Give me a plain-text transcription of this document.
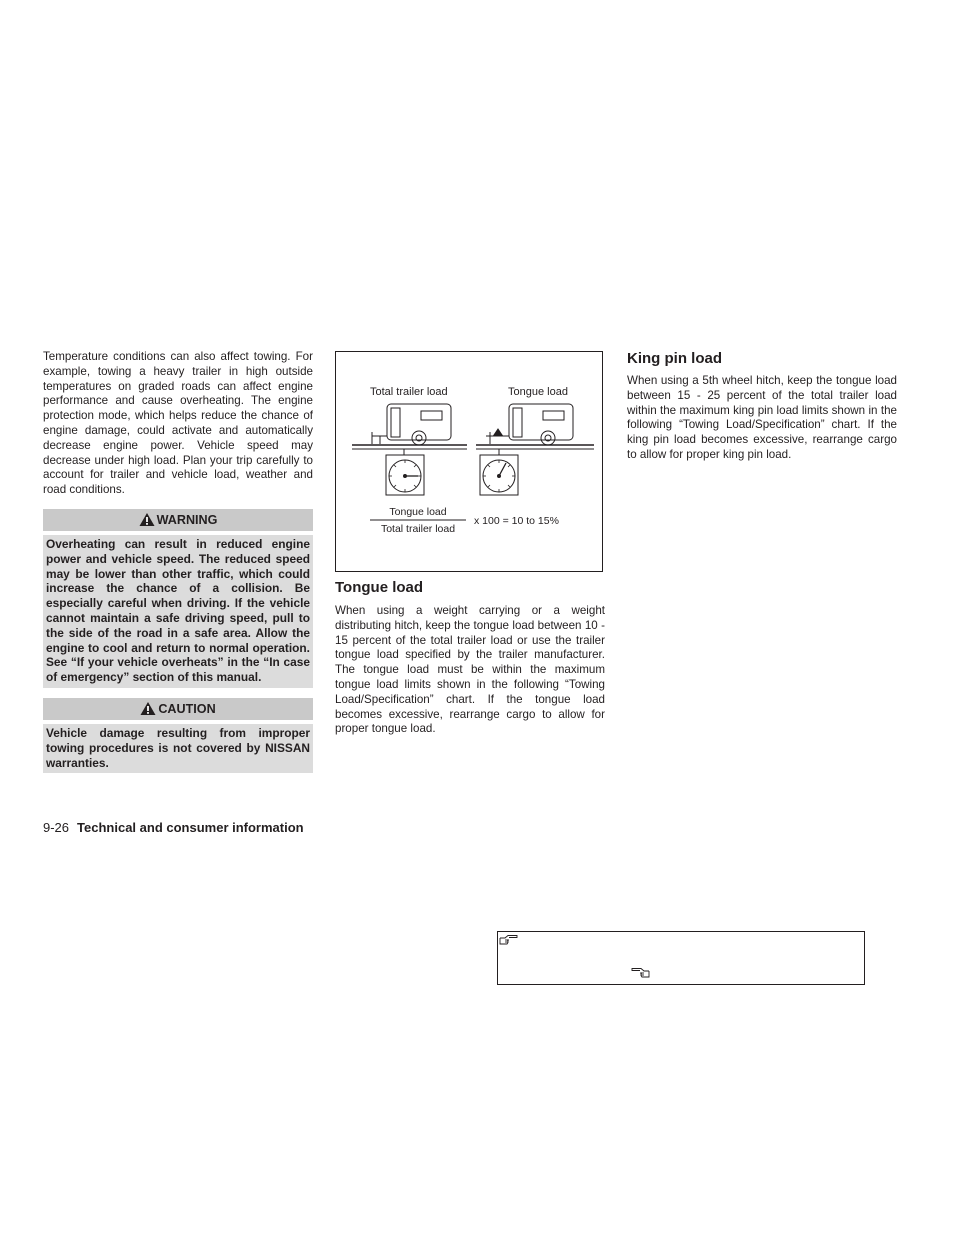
Temperature conditions can also affect towing. For example, towing a heavy trailer in high outside temperatures on graded roads can affect engine performance and cause overheating. The engine protection mode, which helps reduce the chance of engine damage, could activate and automatically decrease engine power. Vehicle speed may decrease under high load. Plan your trip carefully to account for trailer and vehicle load, weather and road conditions.

WARNING
Overheating can result in reduced engine power and vehicle speed. The reduced speed may be lower than other traffic, which could increase the chance of a collision. Be especially careful when driving. If the vehicle cannot maintain a safe driving speed, pull to the side of the road in a safe area. Allow the engine to cool and return to normal operation. See “If your vehicle overheats” in the “In case of emergency” section of this manual.
CAUTION
Vehicle damage resulting from improper towing procedures is not covered by NISSAN warranties.
Total trailer load	Tongue load
Tongue load
Total trailer load
x 100 = 10 to 15%
Tongue load

When using a weight carrying or a weight distributing hitch, keep the tongue load between 10 - 15 percent of the total trailer load or use the trailer tongue load specified by the trailer manufacturer. The tongue load must be within the maximum tongue load limits shown in the following “Towing Load/Specification” chart. If the tongue load becomes excessive, rearrange cargo to allow for proper tongue load.

King pin load

When using a 5th wheel hitch, keep the tongue load between 15 - 25 percent of the total trailer load within the maximum king pin load limits shown in the following “Towing Load/Specification” chart. If the king pin load becomes excessive, rearrange cargo to allow for proper king pin load.

9-26 Technical and consumer information
